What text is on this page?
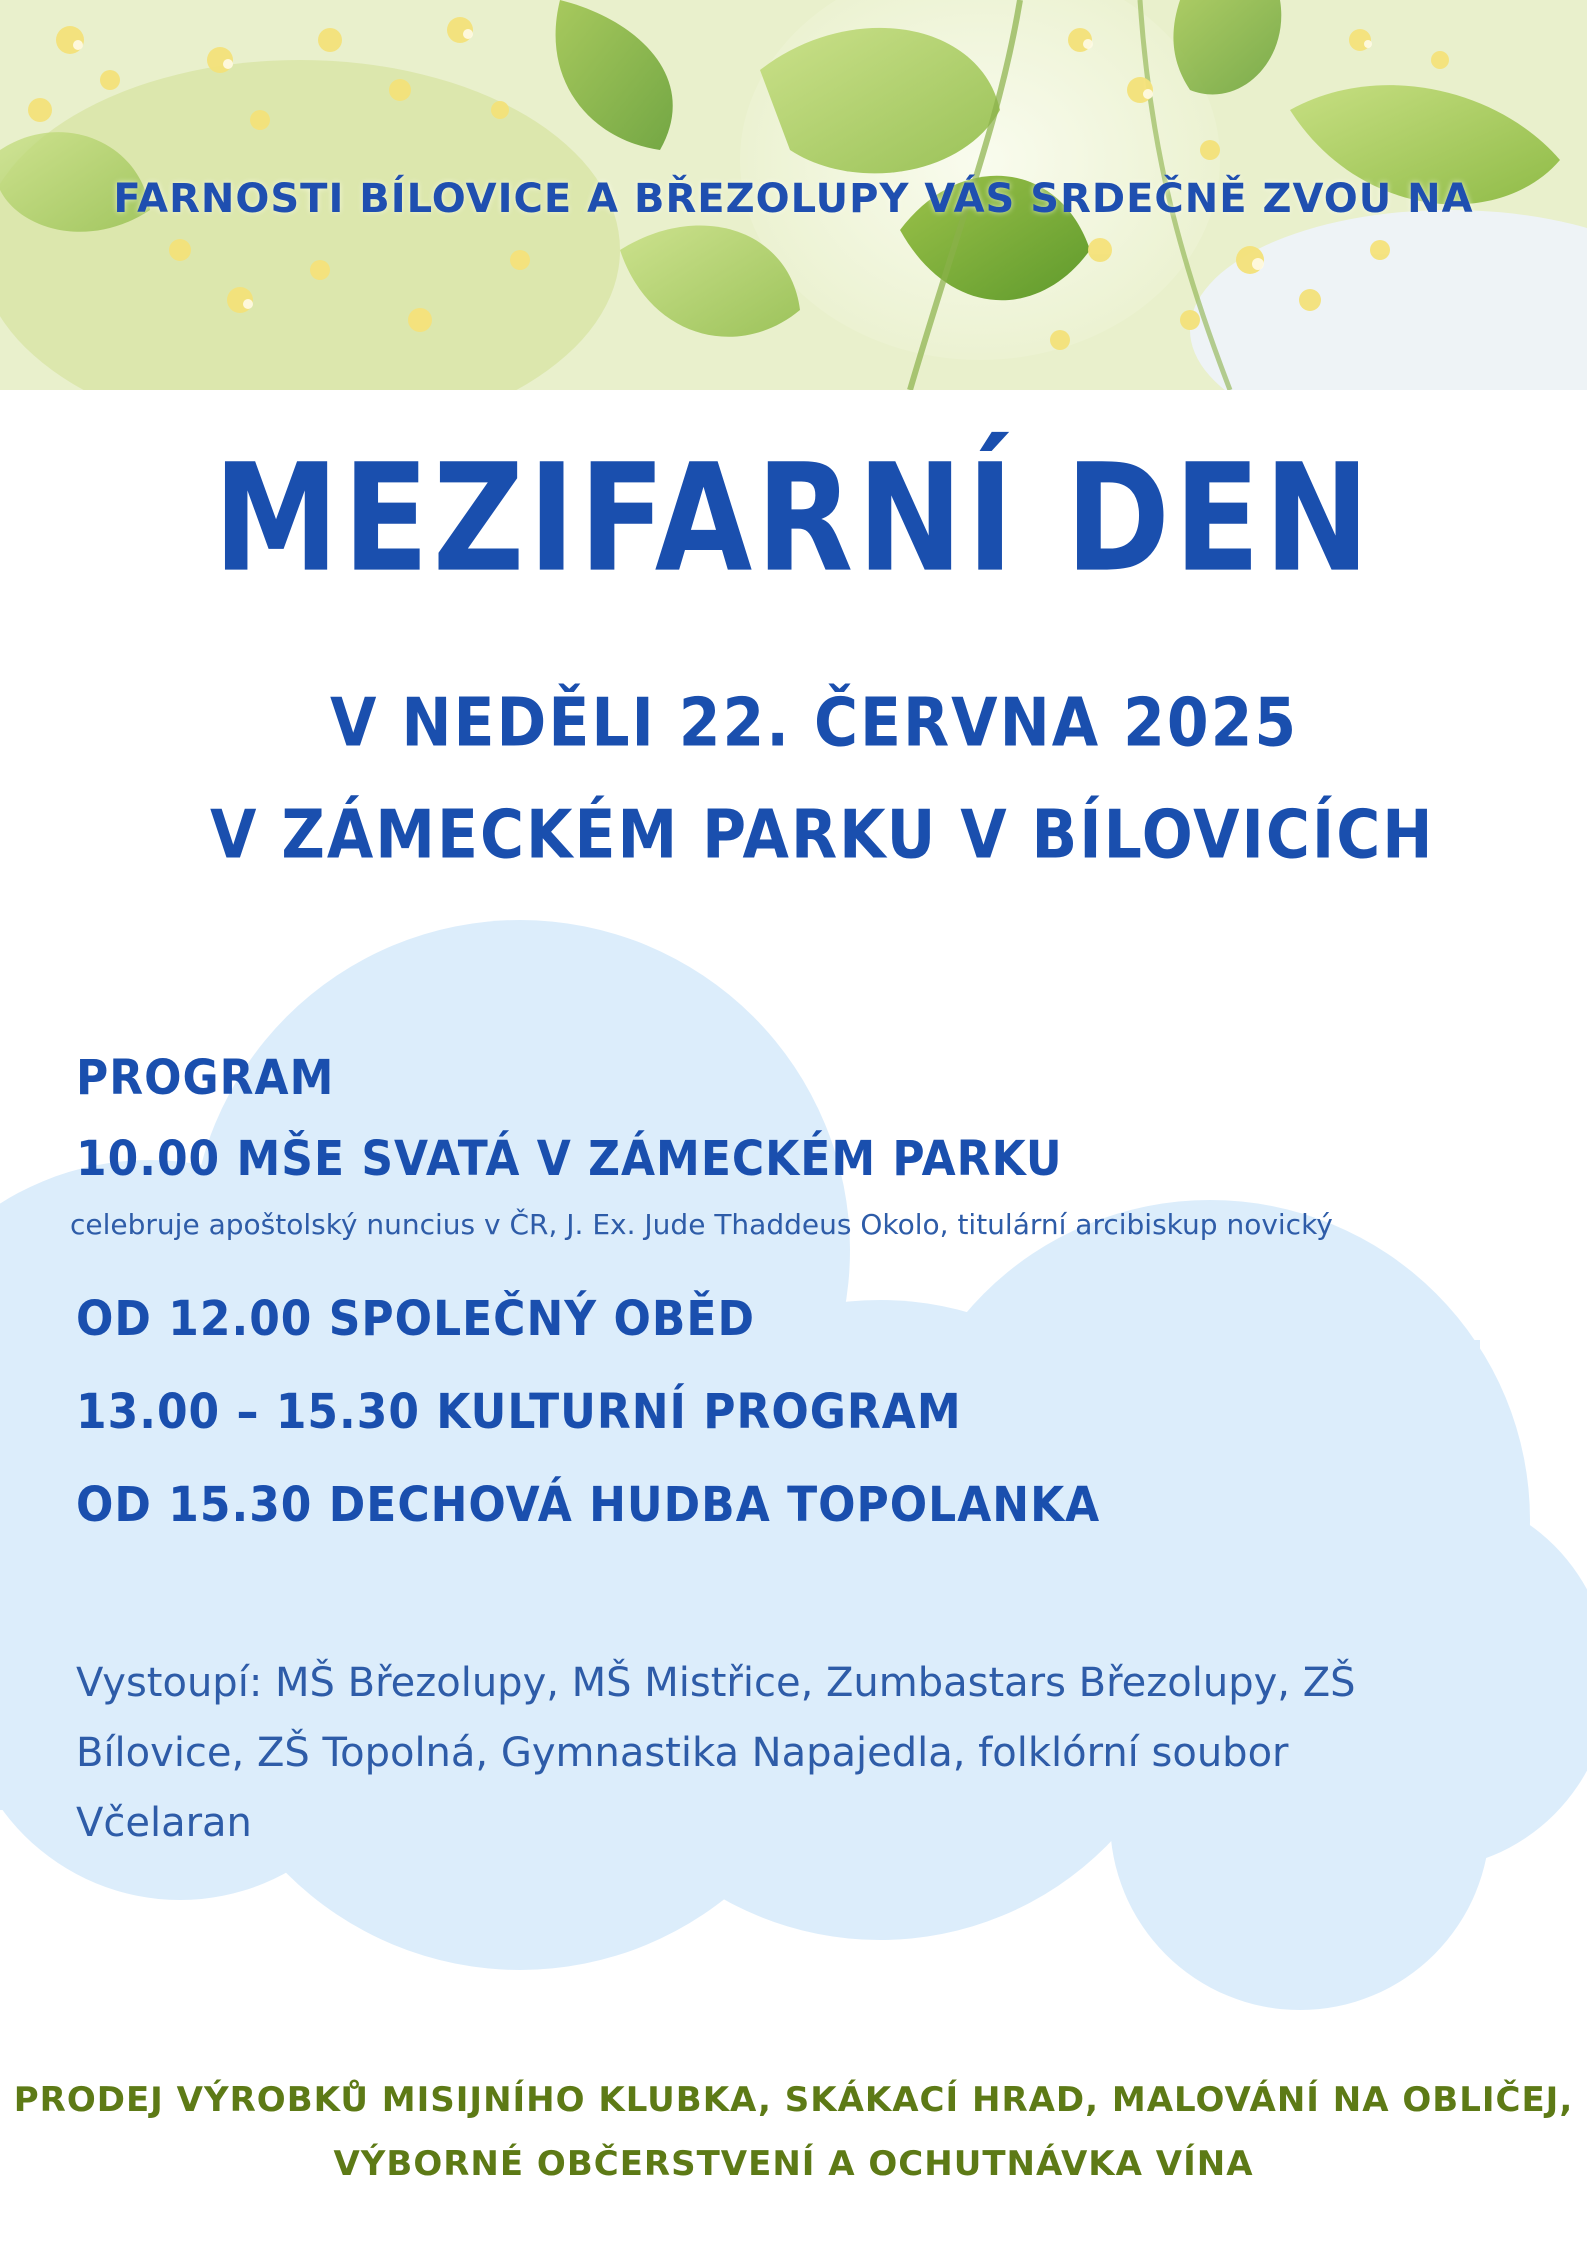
FARNOSTI BÍLOVICE A BŘEZOLUPY VÁS SRDEČNĚ ZVOU NA
MEZIFARNÍ DEN
V NEDĚLI 22. ČERVNA 2025
V ZÁMECKÉM PARKU V BÍLOVICÍCH
PROGRAM
10.00 MŠE SVATÁ V ZÁMECKÉM PARKU
celebruje apoštolský nuncius v ČR, J. Ex. Jude Thaddeus Okolo, titulární arcibiskup novický
OD 12.00 SPOLEČNÝ OBĚD
13.00 – 15.30 KULTURNÍ PROGRAM
OD 15.30 DECHOVÁ HUDBA TOPOLANKA
Vystoupí: MŠ Březolupy, MŠ Mistřice, Zumbastars Březolupy, ZŠ Bílovice, ZŠ Topolná, Gymnastika Napajedla, folklórní soubor Včelaran
PRODEJ VÝROBKŮ MISIJNÍHO KLUBKA, SKÁKACÍ HRAD, MALOVÁNÍ NA OBLIČEJ,
VÝBORNÉ OBČERSTVENÍ A OCHUTNÁVKA VÍNA
